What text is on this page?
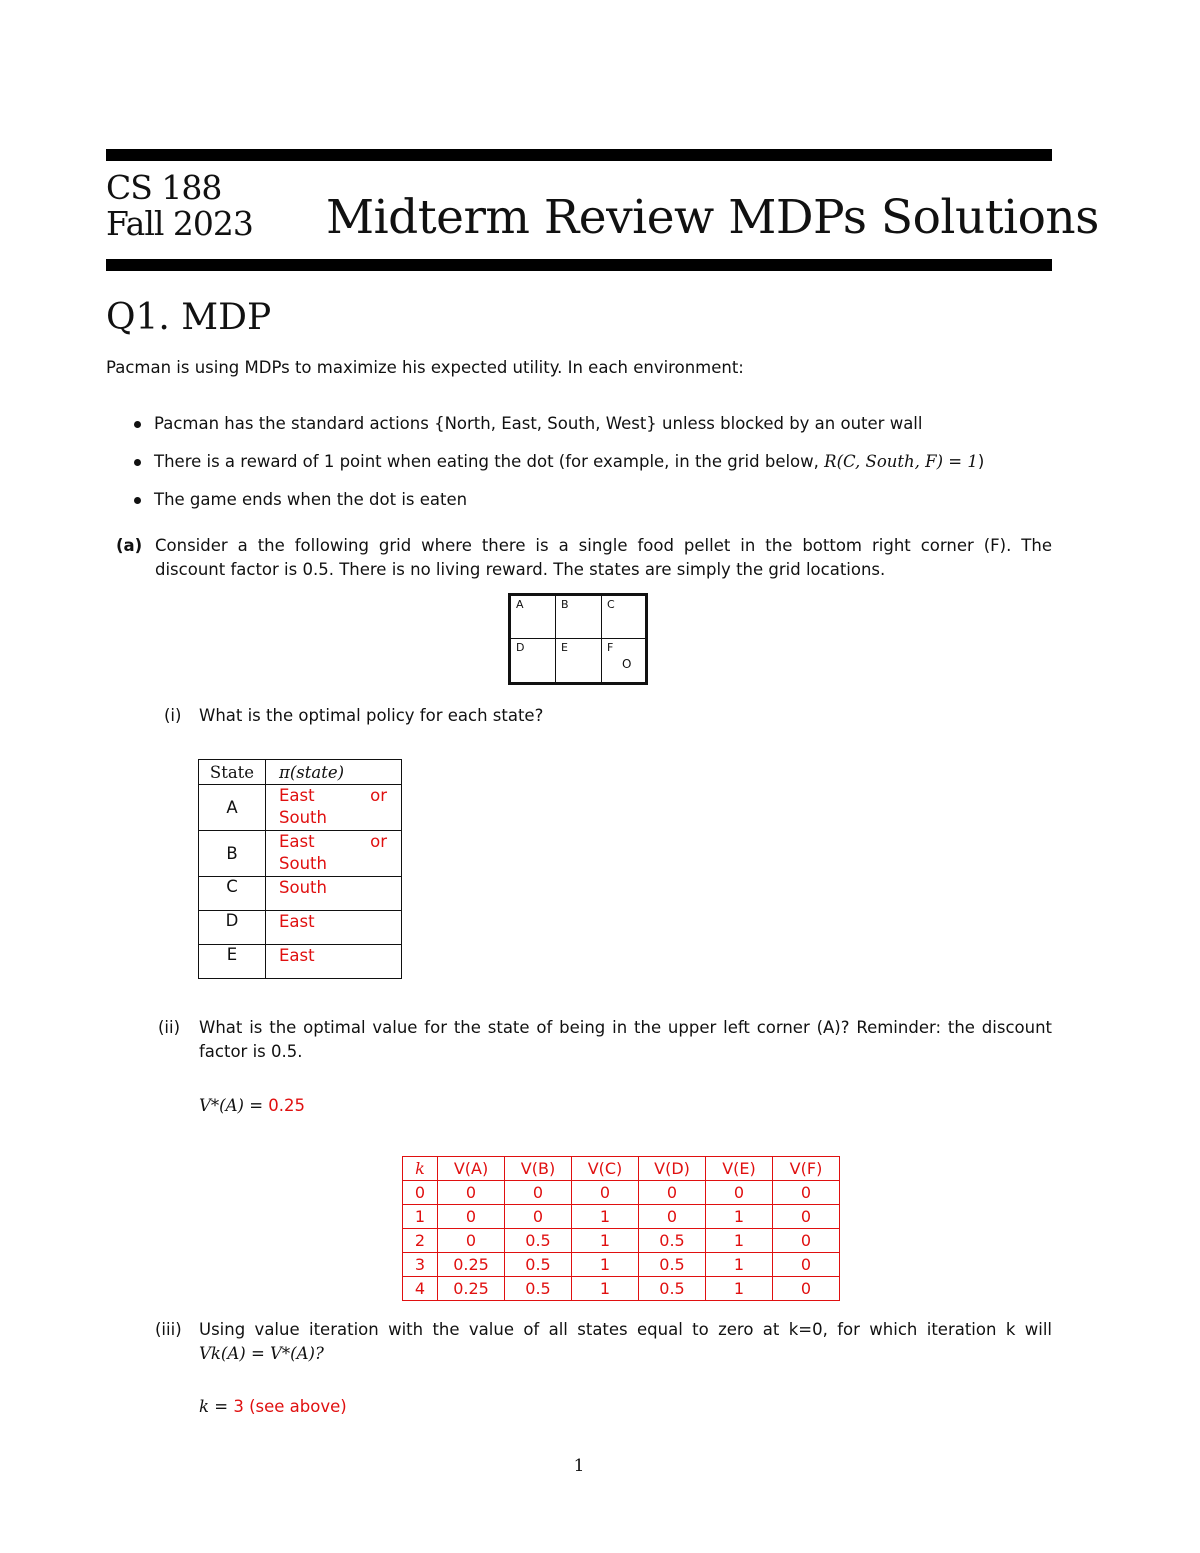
CS 188
Fall 2023 Midterm Review MDPs Solutions
Q1. MDP
Pacman is using MDPs to maximize his expected utility. In each environment:
Pacman has the standard actions {North, East, South, West} unless blocked by an outer wall
There is a reward of 1 point when eating the dot (for example, in the grid below, R(C, South, F) = 1)
The game ends when the dot is eaten
(a) Consider a the following grid where there is a single food pellet in the bottom right corner (F). The
discount factor is 0.5. There is no living reward. The states are simply the grid locations.
A	B	C
D	E	F
O
(i) What is the optimal policy for each state?
State	π(state)
A	East or South
B	East or South
C	South
D	East
E	East
(ii) What is the optimal value for the state of being in the upper left corner (A)? Reminder: the discount
factor is 0.5.
V*(A) = 0.25
k	V(A)	V(B)	V(C)	V(D)	V(E)	V(F)
0	0	0	0	0	0	0
1	0	0	1	0	1	0
2	0	0.5	1	0.5	1	0
3	0.25	0.5	1	0.5	1	0
4	0.25	0.5	1	0.5	1	0
(iii) Using value iteration with the value of all states equal to zero at k=0, for which iteration k will
Vk(A) = V*(A)?
k = 3 (see above)
1
